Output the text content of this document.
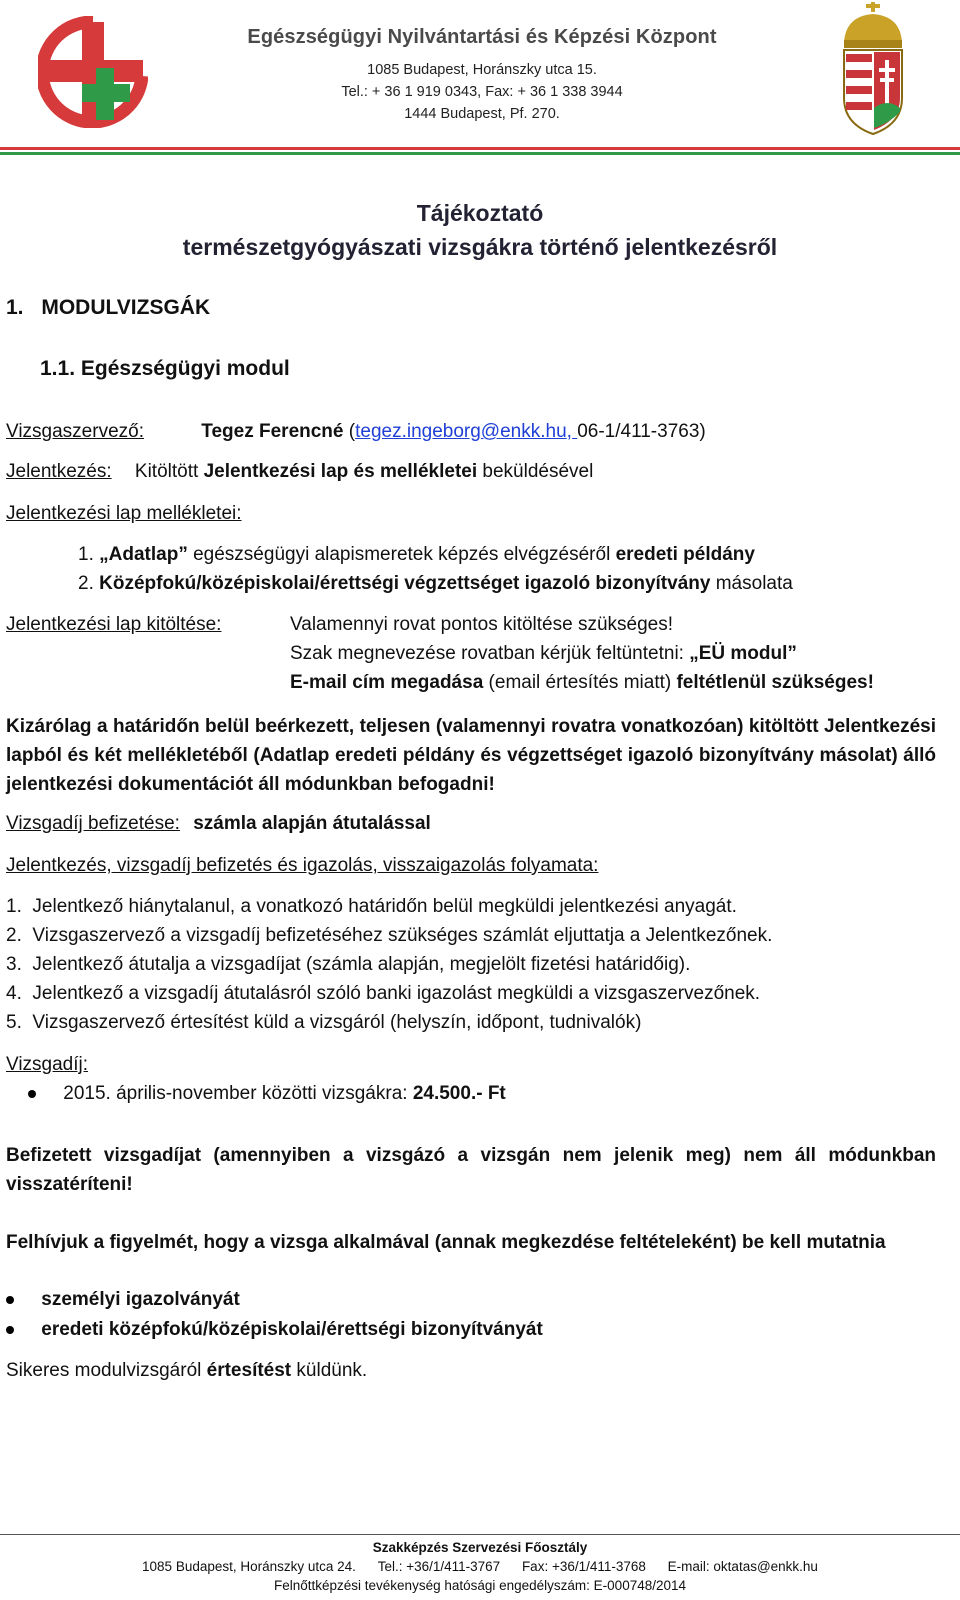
Egészségügyi Nyilvántartási és Képzési Központ
1085 Budapest, Horánszky utca 15.
Tel.: + 36 1 919 0343, Fax: + 36 1 338 3944
1444 Budapest, Pf. 270.
Tájékoztató
természetgyógyászati vizsgákra történő jelentkezésről
1. MODULVIZSGÁK
1.1. Egészségügyi modul
Vizsgaszervező:	Tegez Ferencné (tegez.ingeborg@enkk.hu, 06-1/411-3763)
Jelentkezés: Kitöltött Jelentkezési lap és mellékletei beküldésével
Jelentkezési lap mellékletei:
1. „Adatlap” egészségügyi alapismeretek képzés elvégzéséről eredeti példány
2. Középfokú/középiskolai/érettségi végzettséget igazoló bizonyítvány másolata
Jelentkezési lap kitöltése:	Valamennyi rovat pontos kitöltése szükséges!
Szak megnevezése rovatban kérjük feltüntetni: „EÜ modul”
E-mail cím megadása (email értesítés miatt) feltétlenül szükséges!
Kizárólag a határidőn belül beérkezett, teljesen (valamennyi rovatra vonatkozóan) kitöltött Jelentkezési lapból és két mellékletéből (Adatlap eredeti példány és végzettséget igazoló bizonyítvány másolat) álló jelentkezési dokumentációt áll módunkban befogadni!
Vizsgadíj befizetése: számla alapján átutalással
Jelentkezés, vizsgadíj befizetés és igazolás, visszaigazolás folyamata:
1.  Jelentkező hiánytalanul, a vonatkozó határidőn belül megküldi jelentkezési anyagát.
2.  Vizsgaszervező a vizsgadíj befizetéséhez szükséges számlát eljuttatja a Jelentkezőnek.
3.  Jelentkező átutalja a vizsgadíjat (számla alapján, megjelölt fizetési határidőig).
4.  Jelentkező a vizsgadíj átutalásról szóló banki igazolást megküldi a vizsgaszervezőnek.
5.  Vizsgaszervező értesítést küld a vizsgáról (helyszín, időpont, tudnivalók)
Vizsgadíj:
2015. április-november közötti vizsgákra: 24.500.- Ft
Befizetett vizsgadíjat (amennyiben a vizsgázó a vizsgán nem jelenik meg) nem áll módunkban visszatéríteni!
Felhívjuk a figyelmét, hogy a vizsga alkalmával (annak megkezdése feltételeként) be kell mutatnia
személyi igazolványát
eredeti középfokú/középiskolai/érettségi bizonyítványát
Sikeres modulvizsgáról értesítést küldünk.
Szakképzés Szervezési Főosztály
1085 Budapest, Horánszky utca 24. Tel.: +36/1/411-3767 Fax: +36/1/411-3768 E-mail: oktatas@enkk.hu
Felnőttképzési tevékenység hatósági engedélyszám: E-000748/2014
